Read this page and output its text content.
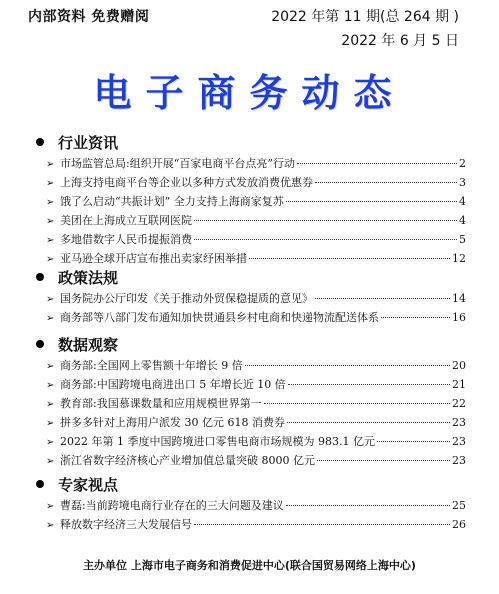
内部资料 免费赠阅	2022 年第 11 期(总 264 期 )
2022 年 6 月 5 日
电子商务动态
行业资讯
➢ 市场监管总局:组织开展“百家电商平台点亮”行动	2
➢ 上海支持电商平台等企业以多种方式发放消费优惠券	3
➢ 饿了么启动“共振计划” 全力支持上海商家复苏	4
➢ 美团在上海成立互联网医院	4
➢ 多地借数字人民币提振消费	5
➢ 亚马逊全球开店宣布推出卖家纾困举措	12
政策法规
➢ 国务院办公厅印发《关于推动外贸保稳提质的意见》	14
➢ 商务部等八部门发布通知加快贯通县乡村电商和快递物流配送体系	16
数据观察
➢ 商务部:全国网上零售额十年增长 9 倍	20
➢ 商务部:中国跨境电商进出口 5 年增长近 10 倍	21
➢ 教育部:我国慕课数量和应用规模世界第一	22
➢ 拼多多针对上海用户派发 30 亿元 618 消费券	23
➢ 2022 年第 1 季度中国跨境进口零售电商市场规模为 983.1 亿元	23
➢ 浙江省数字经济核心产业增加值总量突破 8000 亿元	23
专家视点
➢ 曹磊:当前跨境电商行业存在的三大问题及建议	25
➢ 释放数字经济三大发展信号	26
主办单位 上海市电子商务和消费促进中心(联合国贸易网络上海中心)
